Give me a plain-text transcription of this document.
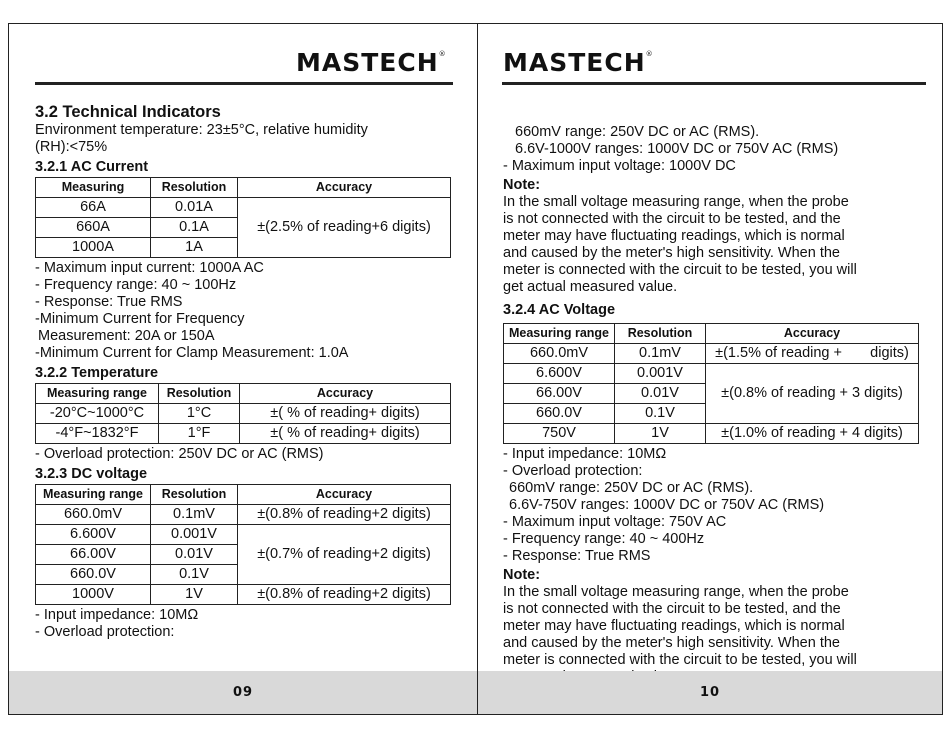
MASTECH®
3.2 Technical Indicators
Environment temperature: 23±5°C, relative humidity
(RH):<75%
3.2.1 AC Current
Measuring	Resolution	Accuracy
66A	0.01A	±(2.5% of reading+6 digits)
660A	0.1A	
1000A	1A	
- Maximum input current: 1000A AC
- Frequency range: 40 ~ 100Hz
- Response: True RMS
-Minimum Current for Frequency
Measurement: 20A or 150A
-Minimum Current for Clamp Measurement: 1.0A
3.2.2 Temperature
Measuring range	Resolution	Accuracy
-20°C~1000°C	1°C	±( % of reading+ digits)
-4°F~1832°F	1°F	±( % of reading+ digits)
- Overload protection: 250V DC or AC (RMS)
3.2.3 DC voltage
Measuring range	Resolution	Accuracy
660.0mV	0.1mV	±(0.8% of reading+2 digits)
6.600V	0.001V	±(0.7% of reading+2 digits)
66.00V	0.01V	
660.0V	0.1V	
1000V	1V	±(0.8% of reading+2 digits)
- Input impedance: 10MΩ
- Overload protection:
09
MASTECH®
660mV range: 250V DC or AC (RMS).
6.6V-1000V ranges: 1000V DC or 750V AC (RMS)
- Maximum input voltage: 1000V DC
Note:
In the small voltage measuring range, when the probe
is not connected with the circuit to be tested, and the
meter may have fluctuating readings, which is normal
and caused by the meter's high sensitivity. When the
meter is connected with the circuit to be tested, you will
get actual measured value.
3.2.4 AC Voltage
Measuring range	Resolution	Accuracy
660.0mV	0.1mV	±(1.5% of reading +       digits)
6.600V	0.001V	±(0.8% of reading + 3 digits)
66.00V	0.01V	
660.0V	0.1V	
750V	1V	±(1.0% of reading + 4 digits)
- Input impedance: 10MΩ
- Overload protection:
660mV range: 250V DC or AC (RMS).
6.6V-750V ranges: 1000V DC or 750V AC (RMS)
- Maximum input voltage: 750V AC
- Frequency range: 40 ~ 400Hz
- Response: True RMS
Note:
In the small voltage measuring range, when the probe
is not connected with the circuit to be tested, and the
meter may have fluctuating readings, which is normal
and caused by the meter's high sensitivity. When the
meter is connected with the circuit to be tested, you will
10
